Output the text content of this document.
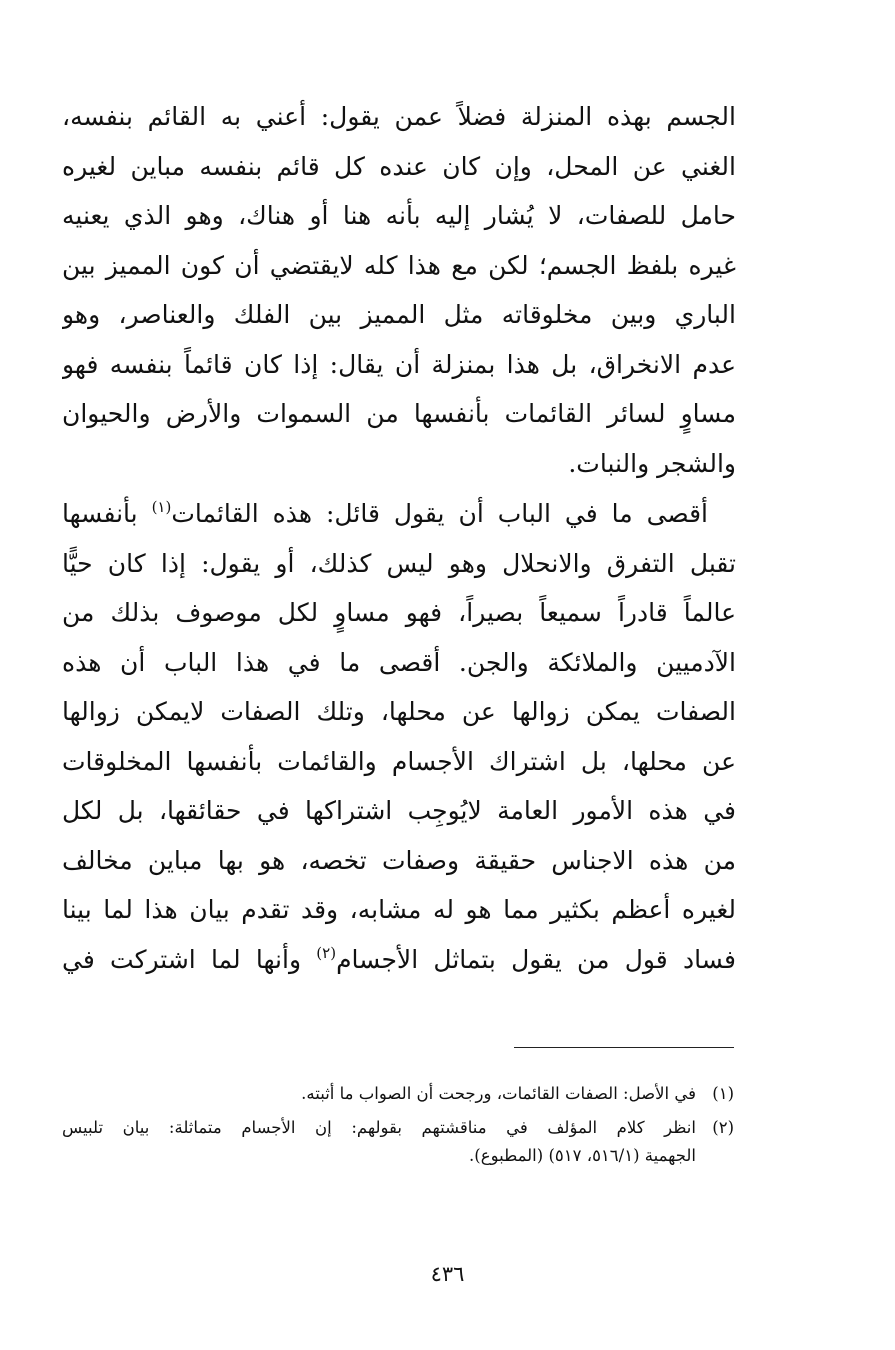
الجسم بهذه المنزلة فضلاً عمن يقول: أعني به القائم بنفسه،
الغني عن المحل، وإن كان عنده كل قائم بنفسه مباين لغيره
حامل للصفات، لا يُشار إليه بأنه هنا أو هناك، وهو الذي يعنيه
غيره بلفظ الجسم؛ لكن مع هذا كله لايقتضي أن كون المميز بين
الباري وبين مخلوقاته مثل المميز بين الفلك والعناصر، وهو
عدم الانخراق، بل هذا بمنزلة أن يقال: إذا كان قائماً بنفسه فهو
مساوٍ لسائر القائمات بأنفسها من السموات والأرض والحيوان
والشجر والنبات.
أقصى ما في الباب أن يقول قائل: هذه القائمات$^{(١)}$ بأنفسها
تقبل التفرق والانحلال وهو ليس كذلك، أو يقول: إذا كان حيًّا
عالماً قادراً سميعاً بصيراً، فهو مساوٍ لكل موصوف بذلك من
الآدميين والملائكة والجن. أقصى ما في هذا الباب أن هذه
الصفات يمكن زوالها عن محلها، وتلك الصفات لايمكن زوالها
عن محلها، بل اشتراك الأجسام والقائمات بأنفسها المخلوقات
في هذه الأمور العامة لايُوجِب اشتراكها في حقائقها، بل لكل
من هذه الاجناس حقيقة وصفات تخصه، هو بها مباين مخالف
لغيره أعظم بكثير مما هو له مشابه، وقد تقدم بيان هذا لما بينا
فساد قول من يقول بتماثل الأجسام$^{(٢)}$ وأنها لما اشتركت في
(١)
في الأصل: الصفات القائمات، ورجحت أن الصواب ما أثبته.
(٢)
انظر كلام المؤلف في مناقشتهم بقولهم: إن الأجسام متماثلة: بيان تلبيس
الجهمية (٥١٦/١، ٥١٧) (المطبوع).
٤٣٦
